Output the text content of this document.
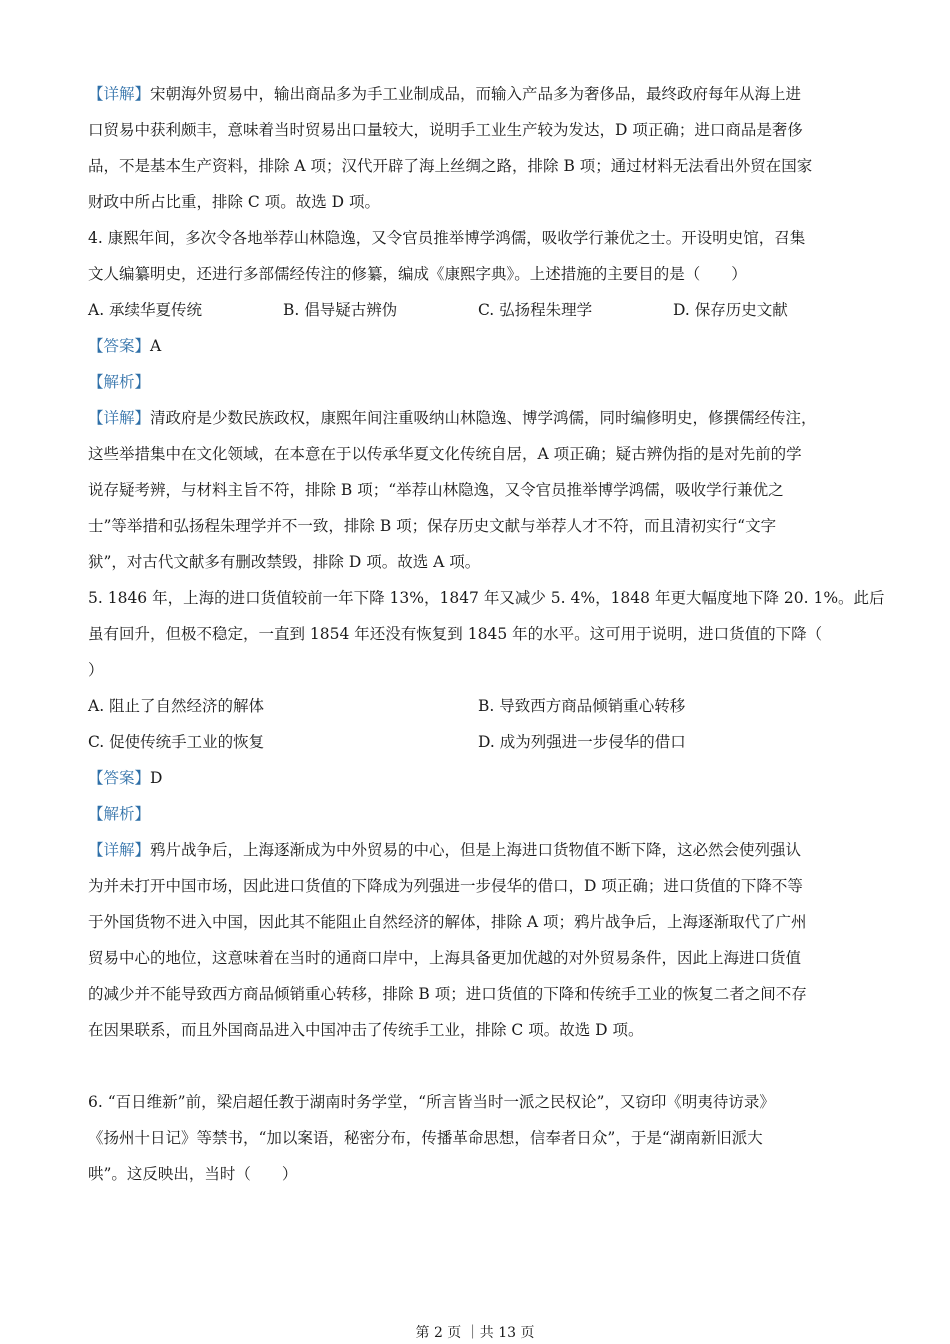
【详解】宋朝海外贸易中，输出商品多为手工业制成品，而输入产品多为奢侈品，最终政府每年从海上进
口贸易中获利颇丰，意味着当时贸易出口量较大，说明手工业生产较为发达，D 项正确；进口商品是奢侈
品，不是基本生产资料，排除 A 项；汉代开辟了海上丝绸之路，排除 B 项；通过材料无法看出外贸在国家
财政中所占比重，排除 C 项。故选 D 项。
4. 康熙年间，多次令各地举荐山林隐逸，又令官员推举博学鸿儒，吸收学行兼优之士。开设明史馆，召集
文人编纂明史，还进行多部儒经传注的修纂，编成《康熙字典》。上述措施的主要目的是（　　）
A. 承续华夏传统	B. 倡导疑古辨伪	C. 弘扬程朱理学	D. 保存历史文献
【答案】A
【解析】
【详解】清政府是少数民族政权，康熙年间注重吸纳山林隐逸、博学鸿儒，同时编修明史，修撰儒经传注，
这些举措集中在文化领域，在本意在于以传承华夏文化传统自居，A 项正确；疑古辨伪指的是对先前的学
说存疑考辨，与材料主旨不符，排除 B 项；“举荐山林隐逸，又令官员推举博学鸿儒，吸收学行兼优之
士”等举措和弘扬程朱理学并不一致，排除 B 项；保存历史文献与举荐人才不符，而且清初实行“文字
狱”，对古代文献多有删改禁毁，排除 D 项。故选 A 项。
5. 1846 年，上海的进口货值较前一年下降 13%，1847 年又减少 5. 4%，1848 年更大幅度地下降 20. 1%。此后
虽有回升，但极不稳定，一直到 1854 年还没有恢复到 1845 年的水平。这可用于说明，进口货值的下降（
）
A. 阻止了自然经济的解体	B. 导致西方商品倾销重心转移
C. 促使传统手工业的恢复	D. 成为列强进一步侵华的借口
【答案】D
【解析】
【详解】鸦片战争后，上海逐渐成为中外贸易的中心，但是上海进口货物值不断下降，这必然会使列强认
为并未打开中国市场，因此进口货值的下降成为列强进一步侵华的借口，D 项正确；进口货值的下降不等
于外国货物不进入中国，因此其不能阻止自然经济的解体，排除 A 项；鸦片战争后，上海逐渐取代了广州
贸易中心的地位，这意味着在当时的通商口岸中，上海具备更加优越的对外贸易条件，因此上海进口货值
的减少并不能导致西方商品倾销重心转移，排除 B 项；进口货值的下降和传统手工业的恢复二者之间不存
在因果联系，而且外国商品进入中国冲击了传统手工业，排除 C 项。故选 D 项。
6. “百日维新”前，梁启超任教于湖南时务学堂，“所言皆当时一派之民权论”，又窃印《明夷待访录》
《扬州十日记》等禁书，“加以案语，秘密分布，传播革命思想，信奉者日众”，于是“湖南新旧派大
哄”。这反映出，当时（　　）
第 2 页 ｜共 13 页
